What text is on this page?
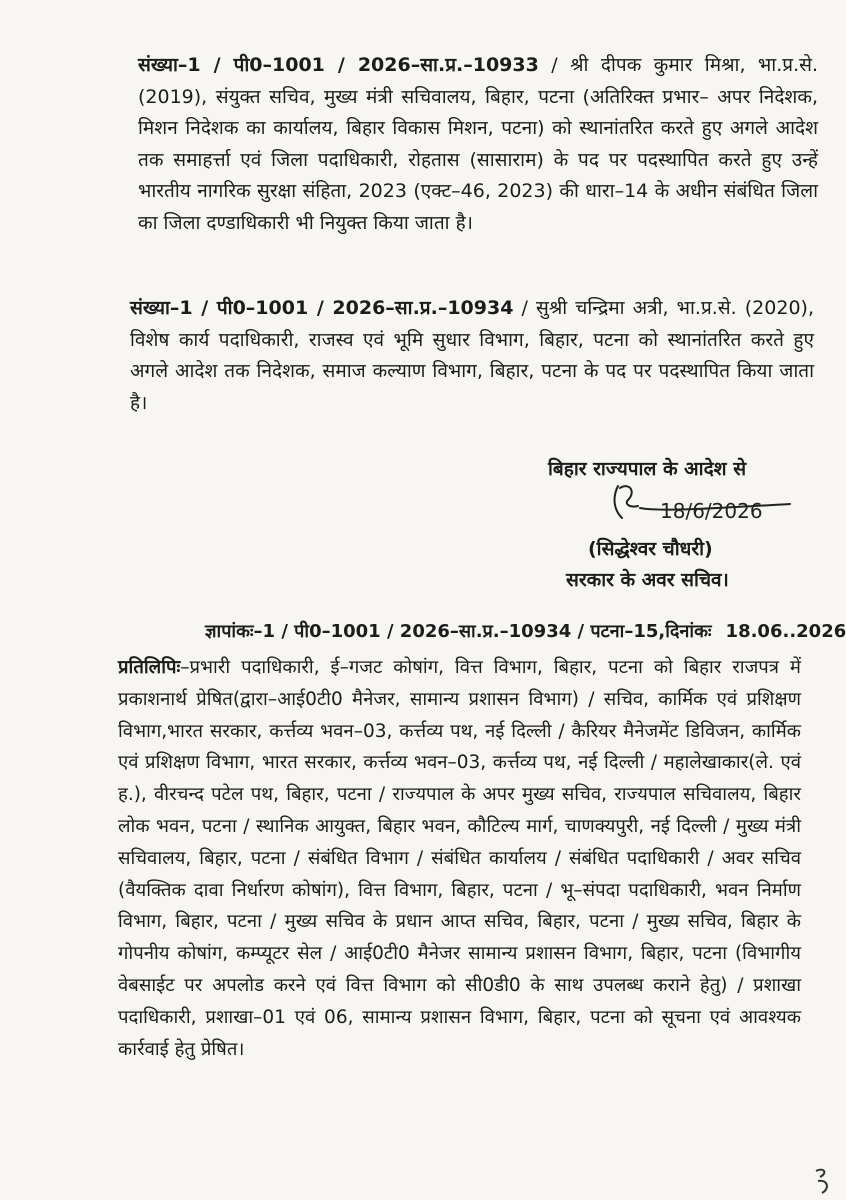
संख्या–1 / पी0–1001 / 2026–सा.प्र.–10933 / श्री दीपक कुमार मिश्रा, भा.प्र.से. (2019), संयुक्त सचिव, मुख्य मंत्री सचिवालय, बिहार, पटना (अतिरिक्त प्रभार– अपर निदेशक, मिशन निदेशक का कार्यालय, बिहार विकास मिशन, पटना) को स्थानांतरित करते हुए अगले आदेश तक समाहर्त्ता एवं जिला पदाधिकारी, रोहतास (सासाराम) के पद पर पदस्थापित करते हुए उन्हें भारतीय नागरिक सुरक्षा संहिता, 2023 (एक्ट–46, 2023) की धारा–14 के अधीन संबंधित जिला का जिला दण्डाधिकारी भी नियुक्त किया जाता है।

संख्या–1 / पी0–1001 / 2026–सा.प्र.–10934 / सुश्री चन्द्रिमा अत्री, भा.प्र.से. (2020), विशेष कार्य पदाधिकारी, राजस्व एवं भूमि सुधार विभाग, बिहार, पटना को स्थानांतरित करते हुए अगले आदेश तक निदेशक, समाज कल्याण विभाग, बिहार, पटना के पद पर पदस्थापित किया जाता है।

बिहार राज्यपाल के आदेश से
18/6/2026
(सिद्धेश्वर चौधरी)
सरकार के अवर सचिव।
ज्ञापांकः–1 / पी0–1001 / 2026–सा.प्र.–10934 / पटना–15,दिनांकः 18.06..2026

प्रतिलिपिः–प्रभारी पदाधिकारी, ई–गजट कोषांग, वित्त विभाग, बिहार, पटना को बिहार राजपत्र में प्रकाशनार्थ प्रेषित(द्वारा–आई0टी0 मैनेजर, सामान्य प्रशासन विभाग) / सचिव, कार्मिक एवं प्रशिक्षण विभाग,भारत सरकार, कर्त्तव्य भवन–03, कर्त्तव्य पथ, नई दिल्ली / कैरियर मैनेजमेंट डिविजन, कार्मिक एवं प्रशिक्षण विभाग, भारत सरकार, कर्त्तव्य भवन–03, कर्त्तव्य पथ, नई दिल्ली / महालेखाकार(ले. एवं ह.), वीरचन्द पटेल पथ, बिहार, पटना / राज्यपाल के अपर मुख्य सचिव, राज्यपाल सचिवालय, बिहार लोक भवन, पटना / स्थानिक आयुक्त, बिहार भवन, कौटिल्य मार्ग, चाणक्यपुरी, नई दिल्ली / मुख्य मंत्री सचिवालय, बिहार, पटना / संबंधित विभाग / संबंधित कार्यालय / संबंधित पदाधिकारी / अवर सचिव (वैयक्तिक दावा निर्धारण कोषांग), वित्त विभाग, बिहार, पटना / भू–संपदा पदाधिकारी, भवन निर्माण विभाग, बिहार, पटना / मुख्य सचिव के प्रधान आप्त सचिव, बिहार, पटना / मुख्य सचिव, बिहार के गोपनीय कोषांग, कम्प्यूटर सेल / आई0टी0 मैनेजर सामान्य प्रशासन विभाग, बिहार, पटना (विभागीय वेबसाईट पर अपलोड करने एवं वित्त विभाग को सी0डी0 के साथ उपलब्ध कराने हेतु) / प्रशाखा पदाधिकारी, प्रशाखा–01 एवं 06, सामान्य प्रशासन विभाग, बिहार, पटना को सूचना एवं आवश्यक कार्रवाई हेतु प्रेषित।
